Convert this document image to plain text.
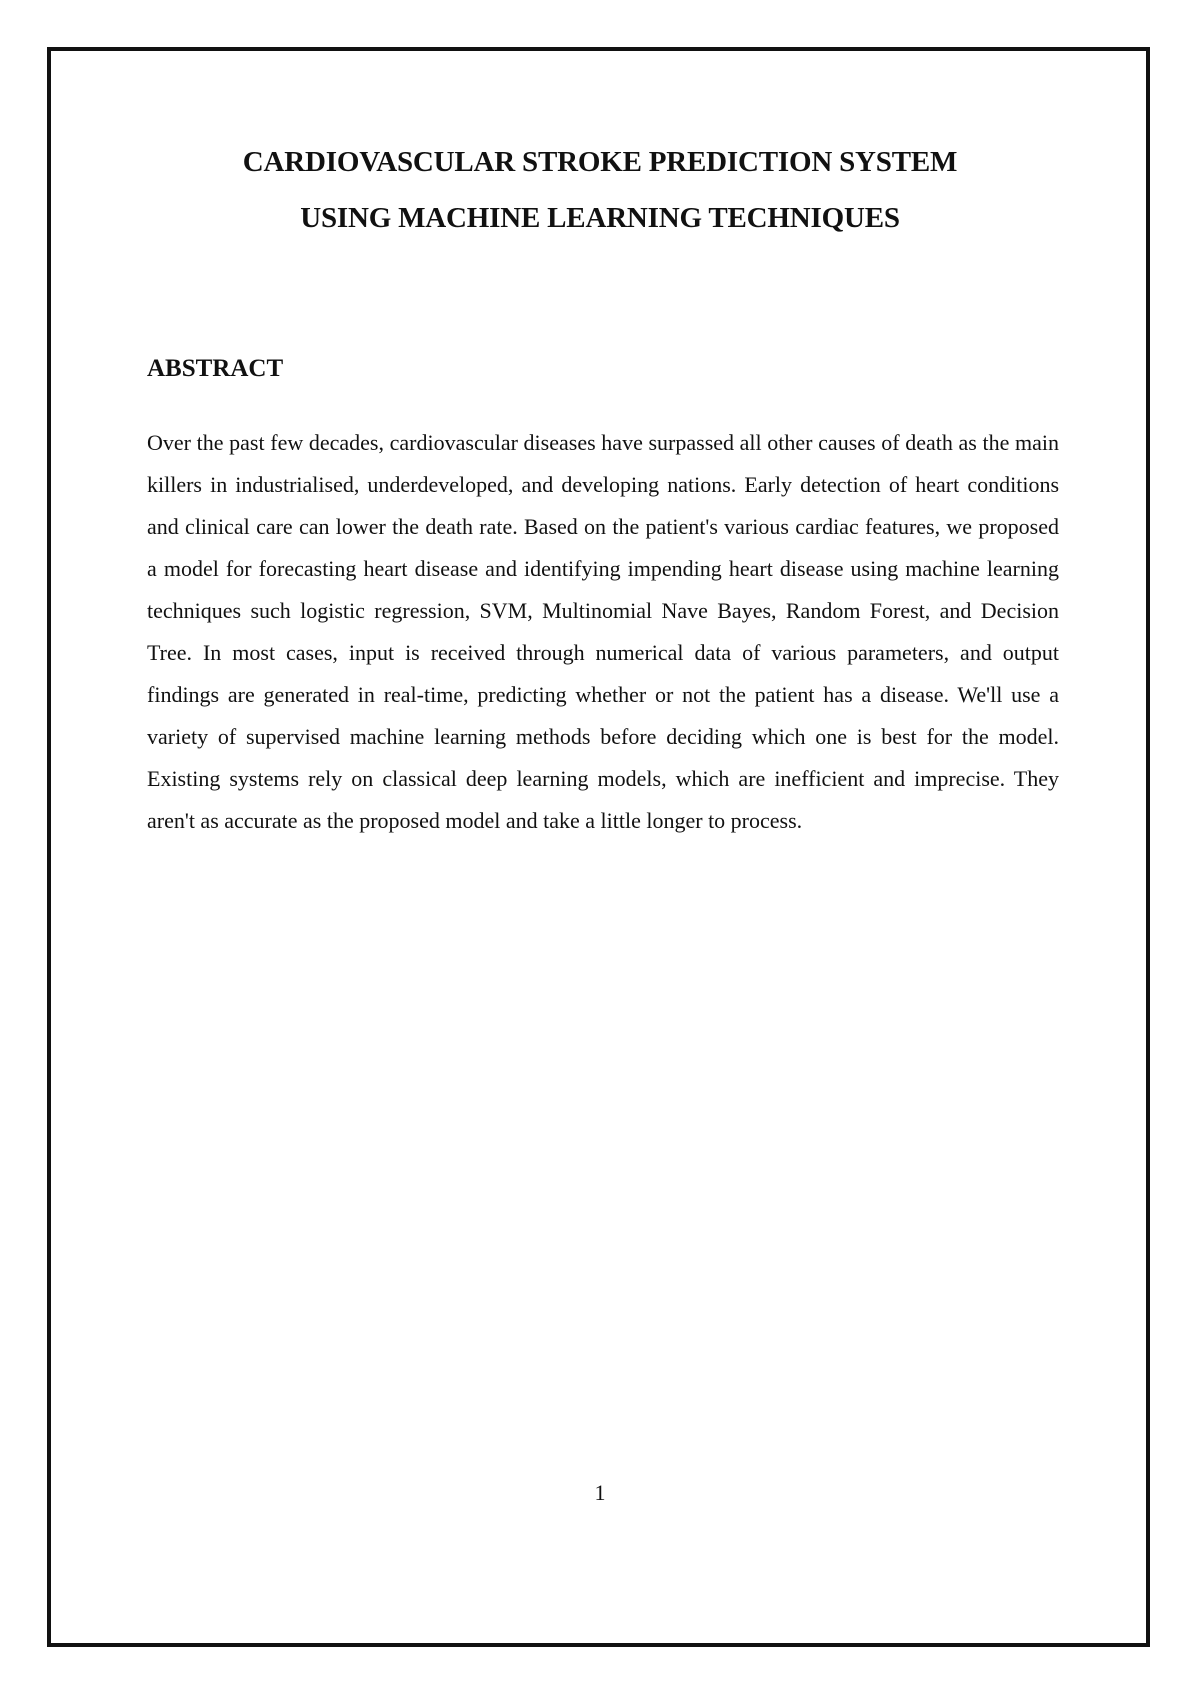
CARDIOVASCULAR STROKE PREDICTION SYSTEM
USING MACHINE LEARNING TECHNIQUES
ABSTRACT

Over the past few decades, cardiovascular diseases have surpassed all other causes of death as the main killers in industrialised, underdeveloped, and developing nations. Early detection of heart conditions and clinical care can lower the death rate. Based on the patient's various cardiac features, we proposed a model for forecasting heart disease and identifying impending heart disease using machine learning techniques such logistic regression, SVM, Multinomial Nave Bayes, Random Forest, and Decision Tree. In most cases, input is received through numerical data of various parameters, and output findings are generated in real-time, predicting whether or not the patient has a disease. We'll use a variety of supervised machine learning methods before deciding which one is best for the model. Existing systems rely on classical deep learning models, which are inefficient and imprecise. They aren't as accurate as the proposed model and take a little longer to process.

1
